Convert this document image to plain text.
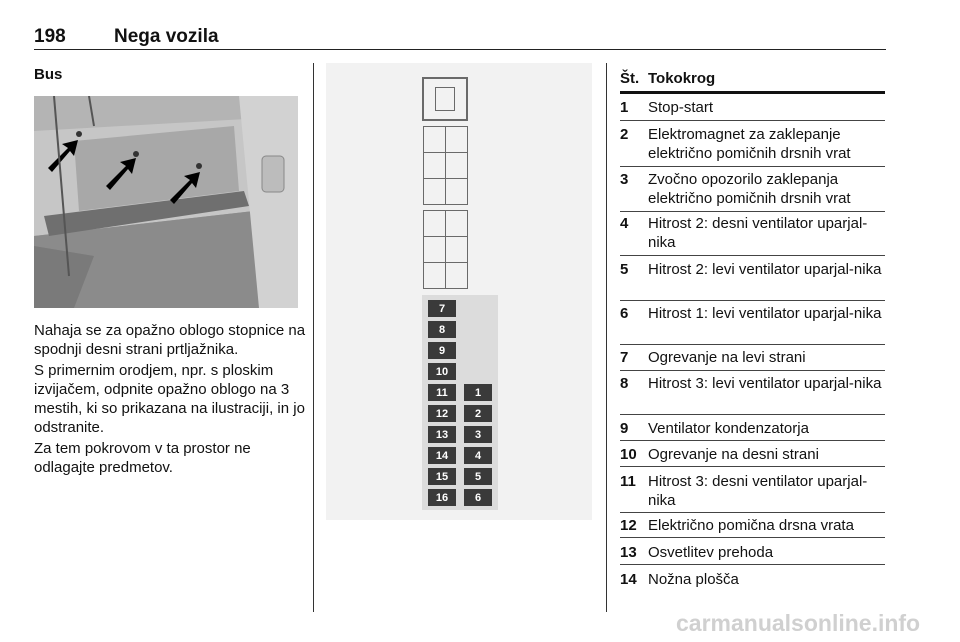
198	Nega vozila
Bus
Nahaja se za opažno oblogo stopnice na spodnji desni strani prtljažnika.
S primernim orodjem, npr. s ploskim izvijačem, odpnite opažno oblogo na 3 mestih, ki so prikazana na ilustraciji, in jo odstranite.
Za tem pokrovom v ta prostor ne odlagajte predmetov.
7
8
9
10
11
12
13
14
15
16
1
2
3
4
5
6
Št. Tokokrog
1 Stop-start
2 Elektromagnet za zaklepanje električno pomičnih drsnih vrat
3 Zvočno opozorilo zaklepanja električno pomičnih drsnih vrat
4 Hitrost 2: desni ventilator uparjal-nika
5 Hitrost 2: levi ventilator uparjal-nika
6 Hitrost 1: levi ventilator uparjal-nika
7 Ogrevanje na levi strani
8 Hitrost 3: levi ventilator uparjal-nika
9 Ventilator kondenzatorja
10 Ogrevanje na desni strani
11 Hitrost 3: desni ventilator uparjal-nika
12 Električno pomična drsna vrata
13 Osvetlitev prehoda
14 Nožna plošča
carmanualsonline.info
